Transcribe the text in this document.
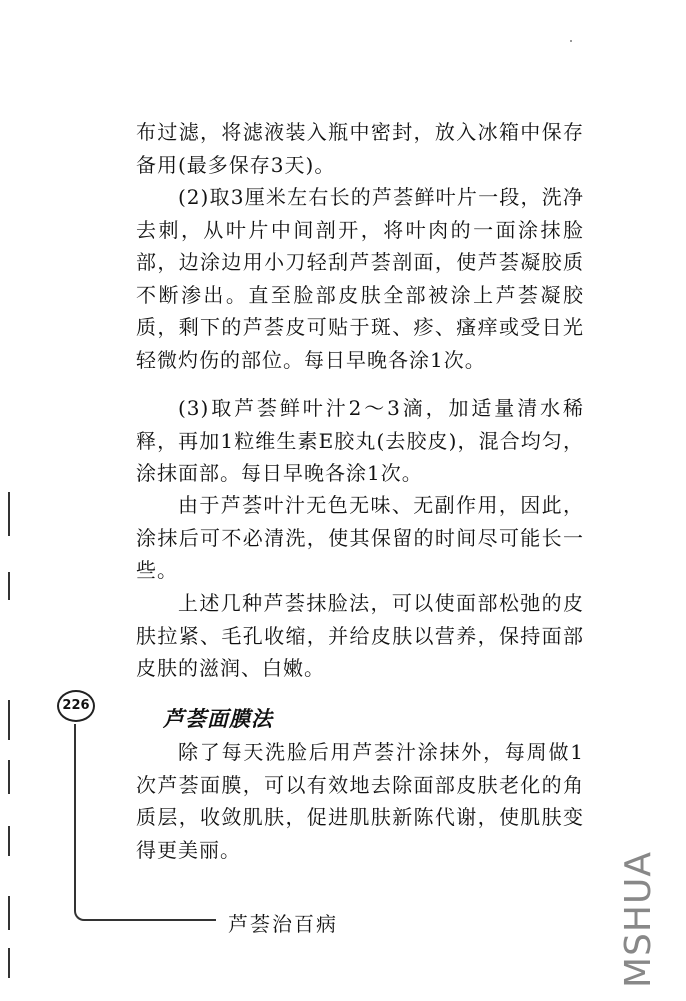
布过滤，将滤液装入瓶中密封，放入冰箱中保存备用(最多保存3天)。

(2)取3厘米左右长的芦荟鲜叶片一段，洗净去刺，从叶片中间剖开，将叶肉的一面涂抹脸部，边涂边用小刀轻刮芦荟剖面，使芦荟凝胶质不断渗出。直至脸部皮肤全部被涂上芦荟凝胶质，剩下的芦荟皮可贴于斑、疹、瘙痒或受日光轻微灼伤的部位。每日早晚各涂1次。

(3)取芦荟鲜叶汁2～3滴，加适量清水稀释，再加1粒维生素E胶丸(去胶皮)，混合均匀，涂抹面部。每日早晚各涂1次。

由于芦荟叶汁无色无味、无副作用，因此，涂抹后可不必清洗，使其保留的时间尽可能长一些。

上述几种芦荟抹脸法，可以使面部松弛的皮肤拉紧、毛孔收缩，并给皮肤以营养，保持面部皮肤的滋润、白嫩。

芦荟面膜法

除了每天洗脸后用芦荟汁涂抹外，每周做1次芦荟面膜，可以有效地去除面部皮肤老化的角质层，收敛肌肤，促进肌肤新陈代谢，使肌肤变得更美丽。

226
芦荟治百病	MSHUA
